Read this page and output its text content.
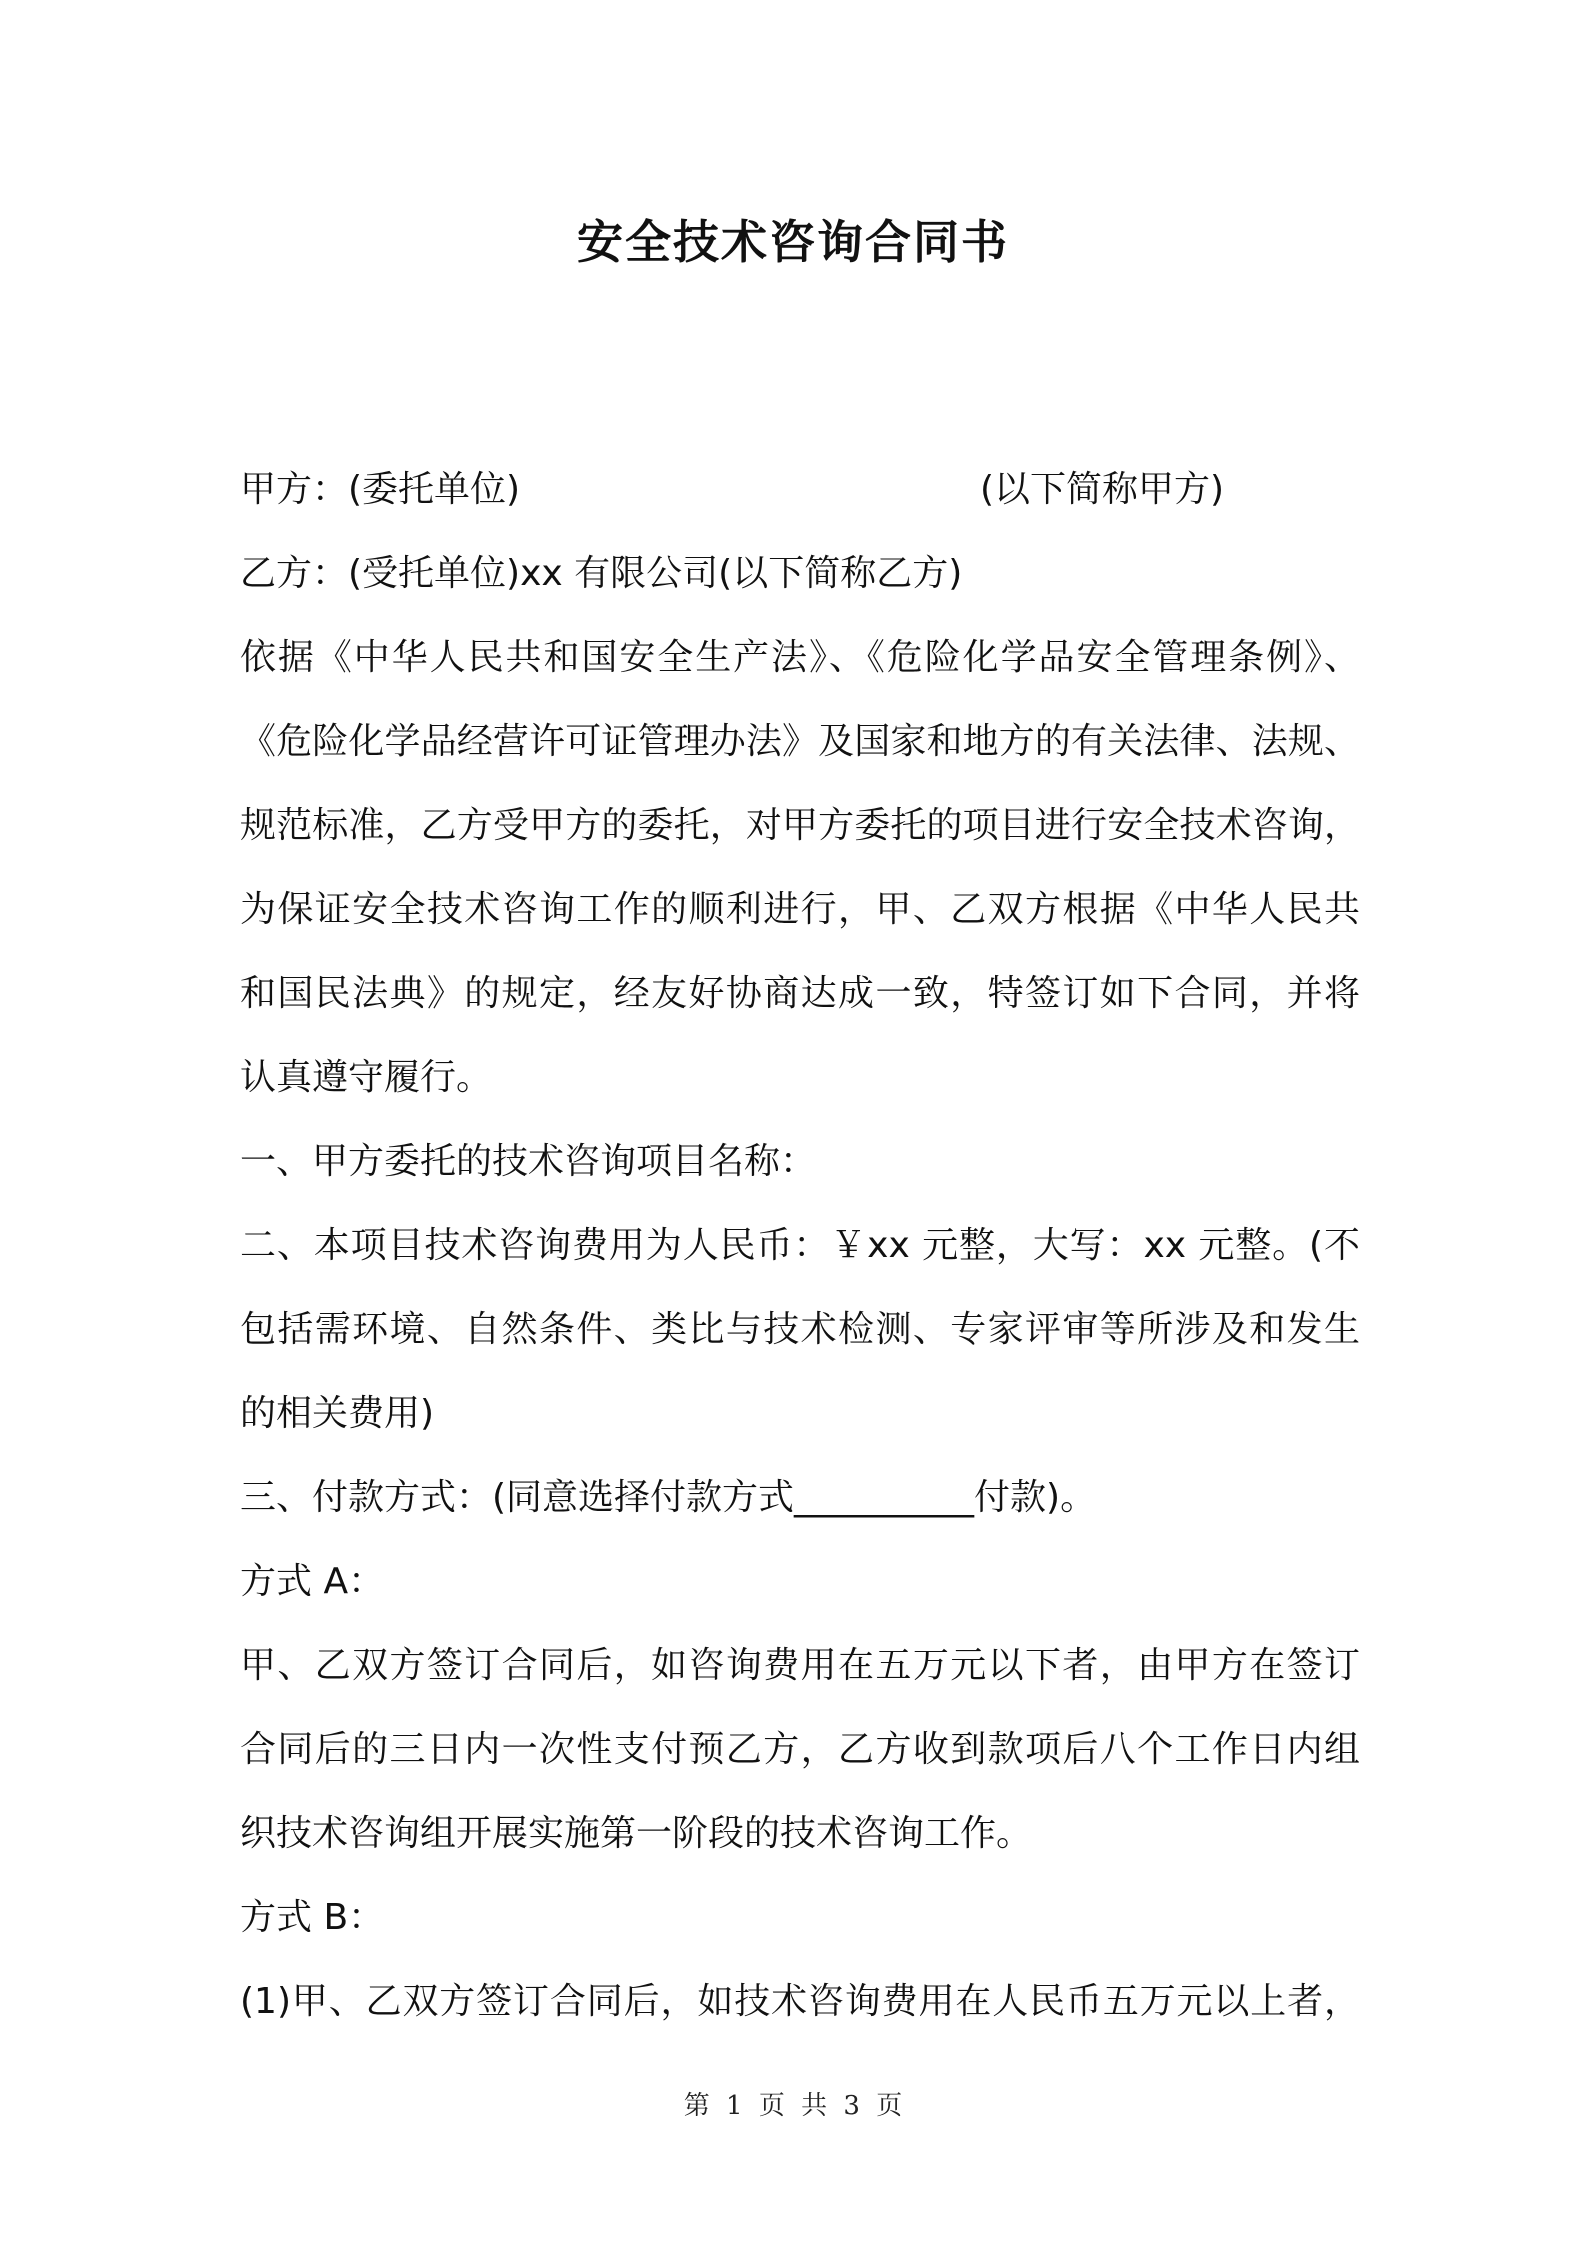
安全技术咨询合同书
甲方：(委托单位)	(以下简称甲方)
乙方：(受托单位)xx 有限公司(以下简称乙方)
依据《中华人民共和国安全生产法》、《危险化学品安全管理条例》、
《危险化学品经营许可证管理办法》及国家和地方的有关法律、法规、
规范标准，乙方受甲方的委托，对甲方委托的项目进行安全技术咨询，
为保证安全技术咨询工作的顺利进行，甲、乙双方根据《中华人民共
和国民法典》的规定，经友好协商达成一致，特签订如下合同，并将
认真遵守履行。
一、甲方委托的技术咨询项目名称：
二、本项目技术咨询费用为人民币：￥xx 元整，大写：xx 元整。(不
包括需环境、自然条件、类比与技术检测、专家评审等所涉及和发生
的相关费用)
三、付款方式：(同意选择付款方式__________付款)。
方式 A：
甲、乙双方签订合同后，如咨询费用在五万元以下者，由甲方在签订
合同后的三日内一次性支付预乙方，乙方收到款项后八个工作日内组
织技术咨询组开展实施第一阶段的技术咨询工作。
方式 B：
(1)甲、乙双方签订合同后，如技术咨询费用在人民币五万元以上者，
第 1 页 共 3 页
